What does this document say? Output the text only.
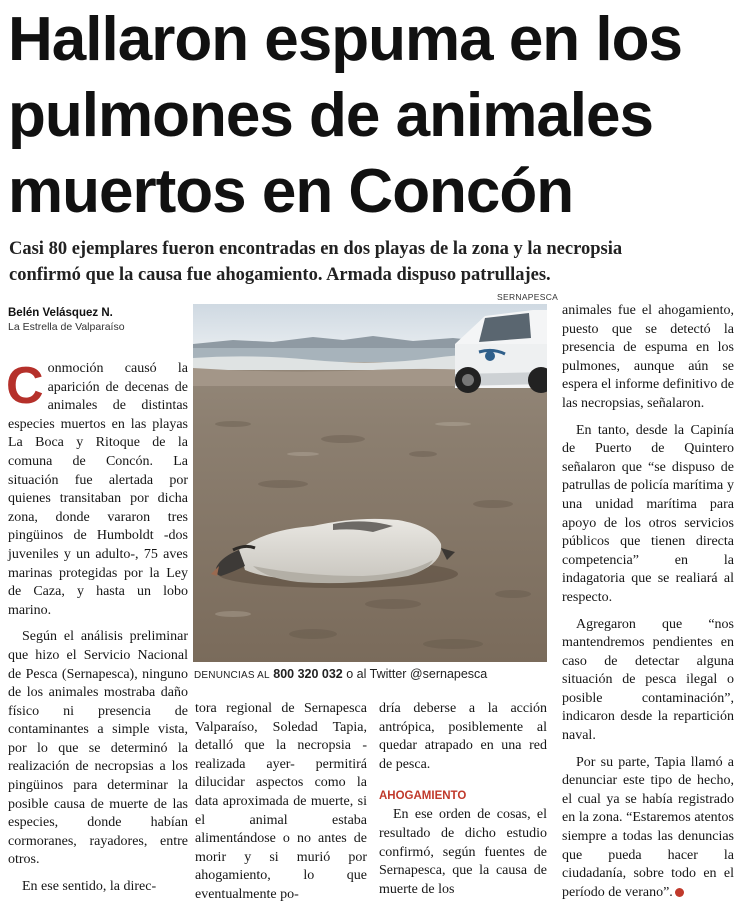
Hallaron espuma en los
pulmones de animales
muertos en Concón
Casi 80 ejemplares fueron encontradas en dos playas de la zona y la necropsia
confirmó que la causa fue ahogamiento. Armada dispuso patrullajes.
Belén Velásquez N.
La Estrella de Valparaíso

Conmoción causó la aparición de decenas de animales de distintas especies muertos en las playas La Boca y Ritoque de la comuna de Concón. La situación fue alertada por quienes transitaban por dicha zona, donde vararon tres pingüinos de Humboldt -dos juveniles y un adulto-, 75 aves marinas protegidas por la Ley de Caza, y hasta un lobo marino.

Según el análisis preliminar que hizo el Servicio Nacional de Pesca (Sernapesca), ninguno de los animales mostraba daño físico ni presencia de contaminantes a simple vista, por lo que se determinó la realización de necropsias a los pingüinos para determinar la posible causa de muerte de las especies, donde habían cormoranes, rayadores, entre otros.

En ese sentido, la direc-

SERNAPESCA
DENUNCIAS AL 800 320 032 o al Twitter @sernapesca

tora regional de Sernapesca Valparaíso, Soledad Tapia, detalló que la necropsia -realizada ayer- permitirá dilucidar aspectos como la data aproximada de muerte, si el animal estaba alimentándose o no antes de morir y si murió por ahogamiento, lo que eventualmente po-

dría deberse a la acción antrópica, posiblemente al quedar atrapado en una red de pesca.

AHOGAMIENTO

En ese orden de cosas, el resultado de dicho estudio confirmó, según fuentes de Sernapesca, que la causa de muerte de los

animales fue el ahogamiento, puesto que se detectó la presencia de espuma en los pulmones, aunque aún se espera el informe definitivo de las necropsias, señalaron.

En tanto, desde la Capinía de Puerto de Quintero señalaron que “se dispuso de patrullas de policía marítima y una unidad marítima para apoyo de los otros servicios públicos que tienen directa competencia” en la indagatoria que se realiará al respecto.

Agregaron que “nos mantendremos pendientes en caso de detectar alguna situación de pesca ilegal o posible contaminación”, indicaron desde la repartición naval.

Por su parte, Tapia llamó a denunciar este tipo de hecho, el cual ya se había registrado en la zona. “Estaremos atentos siempre a todas las denuncias que pueda hacer la ciudadanía, sobre todo en el período de verano”. +
